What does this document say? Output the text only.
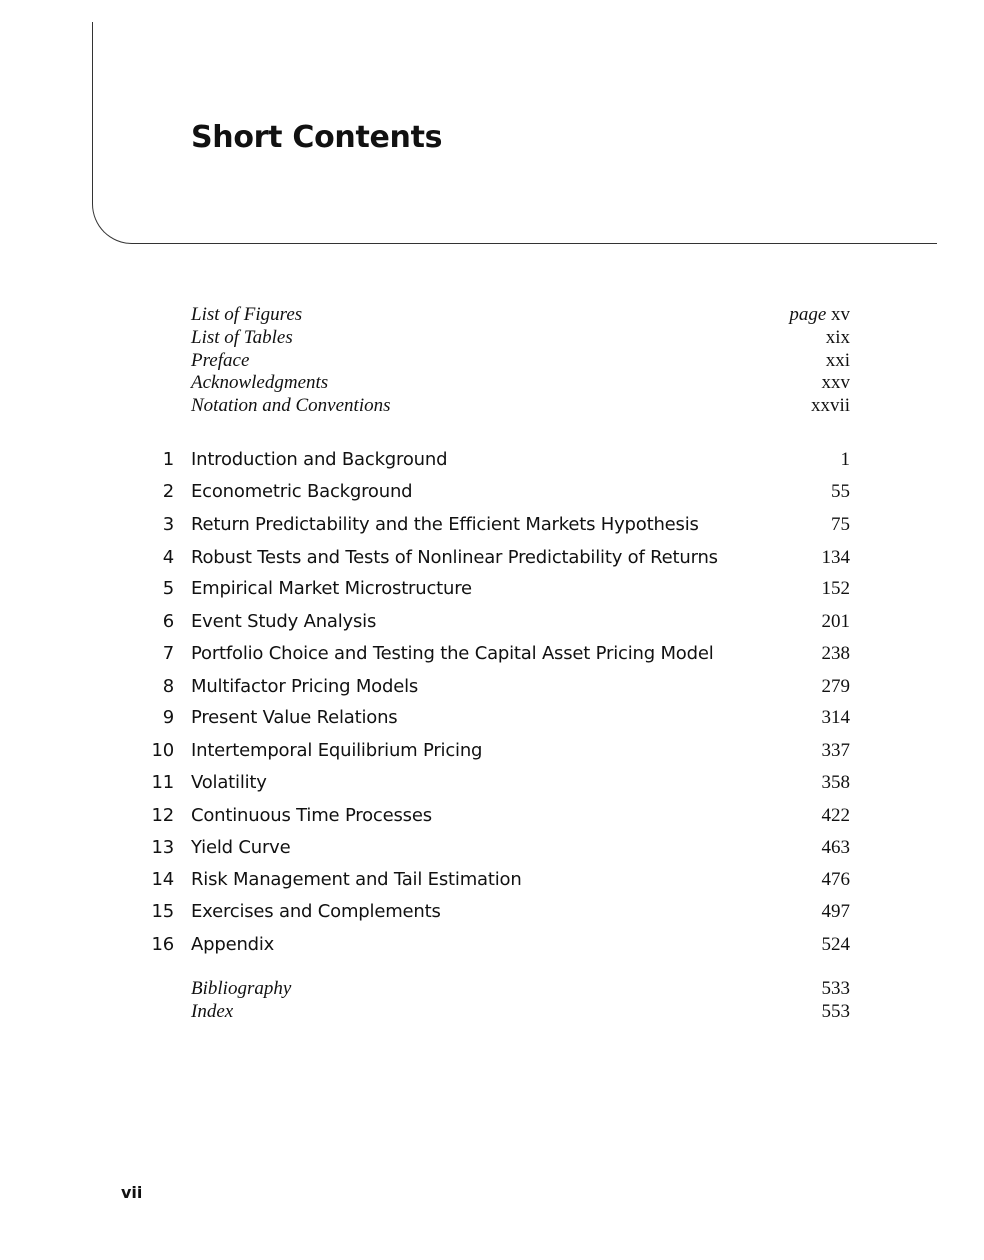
Short Contents
List of Figures	page xv
List of Tables	xix
Preface	xxi
Acknowledgments	xxv
Notation and Conventions	xxvii
1 Introduction and Background	1
2 Econometric Background	55
3 Return Predictability and the Efficient Markets Hypothesis	75
4 Robust Tests and Tests of Nonlinear Predictability of Returns	134
5 Empirical Market Microstructure	152
6 Event Study Analysis	201
7 Portfolio Choice and Testing the Capital Asset Pricing Model	238
8 Multifactor Pricing Models	279
9 Present Value Relations	314
10 Intertemporal Equilibrium Pricing	337
11 Volatility	358
12 Continuous Time Processes	422
13 Yield Curve	463
14 Risk Management and Tail Estimation	476
15 Exercises and Complements	497
16 Appendix	524
Bibliography	533
Index	553
vii
